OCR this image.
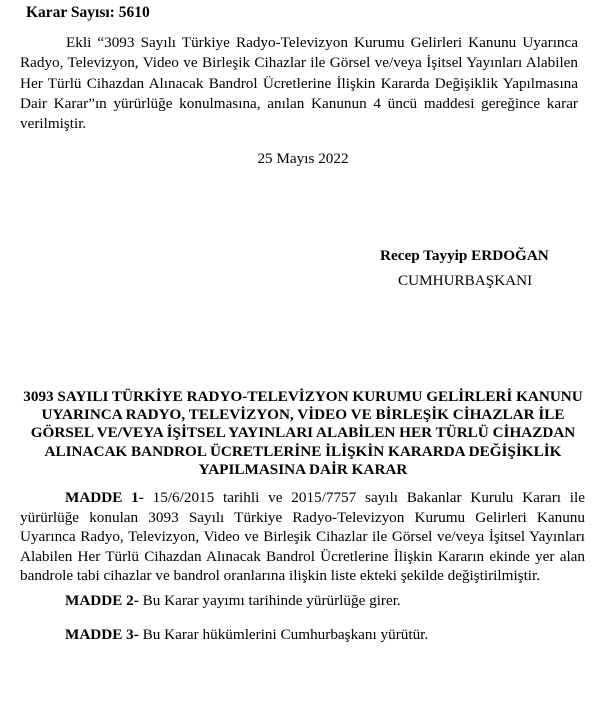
Karar Sayısı: 5610

Ekli “3093 Sayılı Türkiye Radyo-Televizyon Kurumu Gelirleri Kanunu Uyarınca Radyo, Televizyon, Video ve Birleşik Cihazlar ile Görsel ve/veya İşitsel Yayınları Alabilen Her Türlü Cihazdan Alınacak Bandrol Ücretlerine İlişkin Kararda Değişiklik Yapılmasına Dair Karar”ın yürürlüğe konulmasına, anılan Kanunun 4 üncü maddesi gereğince karar verilmiştir.

25 Mayıs 2022

Recep Tayyip ERDOĞAN

CUMHURBAŞKANI

3093 SAYILI TÜRKİYE RADYO-TELEVİZYON KURUMU GELİRLERİ KANUNU UYARINCA RADYO, TELEVİZYON, VİDEO VE BİRLEŞİK CİHAZLAR İLE GÖRSEL VE/VEYA İŞİTSEL YAYINLARI ALABİLEN HER TÜRLÜ CİHAZDAN ALINACAK BANDROL ÜCRETLERİNE İLİŞKİN KARARDA DEĞİŞİKLİK YAPILMASINA DAİR KARAR

MADDE 1- 15/6/2015 tarihli ve 2015/7757 sayılı Bakanlar Kurulu Kararı ile yürürlüğe konulan 3093 Sayılı Türkiye Radyo-Televizyon Kurumu Gelirleri Kanunu Uyarınca Radyo, Televizyon, Video ve Birleşik Cihazlar ile Görsel ve/veya İşitsel Yayınları Alabilen Her Türlü Cihazdan Alınacak Bandrol Ücretlerine İlişkin Kararın ekinde yer alan bandrole tabi cihazlar ve bandrol oranlarına ilişkin liste ekteki şekilde değiştirilmiştir.

MADDE 2- Bu Karar yayımı tarihinde yürürlüğe girer.

MADDE 3- Bu Karar hükümlerini Cumhurbaşkanı yürütür.
